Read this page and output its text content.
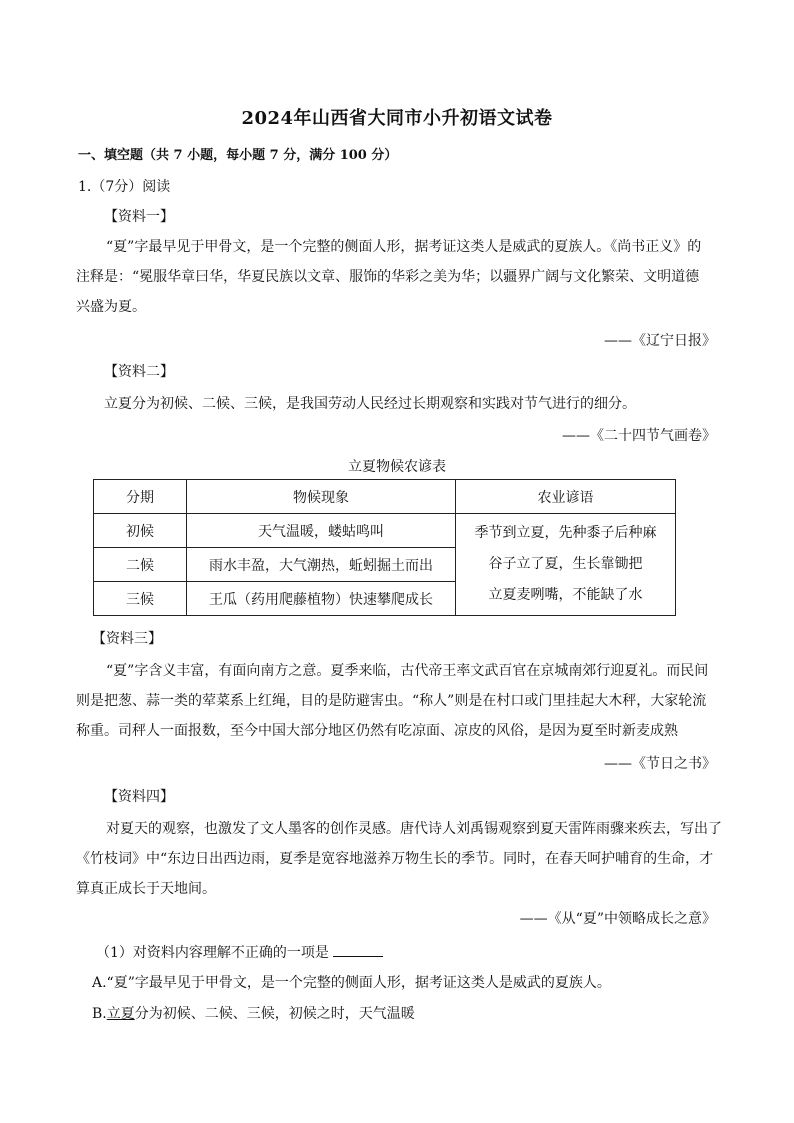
2024年山西省大同市小升初语文试卷
一、填空题（共 7 小题，每小题 7 分，满分 100 分）
1.（7分）阅读
【资料一】
“夏”字最早见于甲骨文，是一个完整的侧面人形，据考证这类人是威武的夏族人。《尚书正义》的
注释是：“冕服华章曰华，华夏民族以文章、服饰的华彩之美为华；以疆界广阔与文化繁荣、文明道德
兴盛为夏。
——《辽宁日报》
【资料二】
立夏分为初候、二候、三候，是我国劳动人民经过长期观察和实践对节气进行的细分。
——《二十四节气画卷》
立夏物候农谚表
分期	物候现象	农业谚语
初候	天气温暖，蝼蛄鸣叫	季节到立夏，先种黍子后种麻
谷子立了夏，生长靠锄把
立夏麦咧嘴，不能缺了水

二候	雨水丰盈，大气潮热，蚯蚓掘土而出	
三候	王瓜（药用爬藤植物）快速攀爬成长	
【资料三】
“夏”字含义丰富，有面向南方之意。夏季来临，古代帝王率文武百官在京城南郊行迎夏礼。而民间
则是把葱、蒜一类的荤菜系上红绳，目的是防避害虫。“称人”则是在村口或门里挂起大木秤，大家轮流
称重。司秤人一面报数，至今中国大部分地区仍然有吃凉面、凉皮的风俗，是因为夏至时新麦成熟
——《节日之书》
【资料四】
对夏天的观察，也激发了文人墨客的创作灵感。唐代诗人刘禹锡观察到夏天雷阵雨骤来疾去，写出了
《竹枝词》中“东边日出西边雨，夏季是宽容地滋养万物生长的季节。同时，在春天呵护哺育的生命，才
算真正成长于天地间。
——《从“夏”中领略成长之意》
（1）对资料内容理解不正确的一项是
A.“夏”字最早见于甲骨文，是一个完整的侧面人形，据考证这类人是威武的夏族人。
B.立夏分为初候、二候、三候，初候之时，天气温暖
